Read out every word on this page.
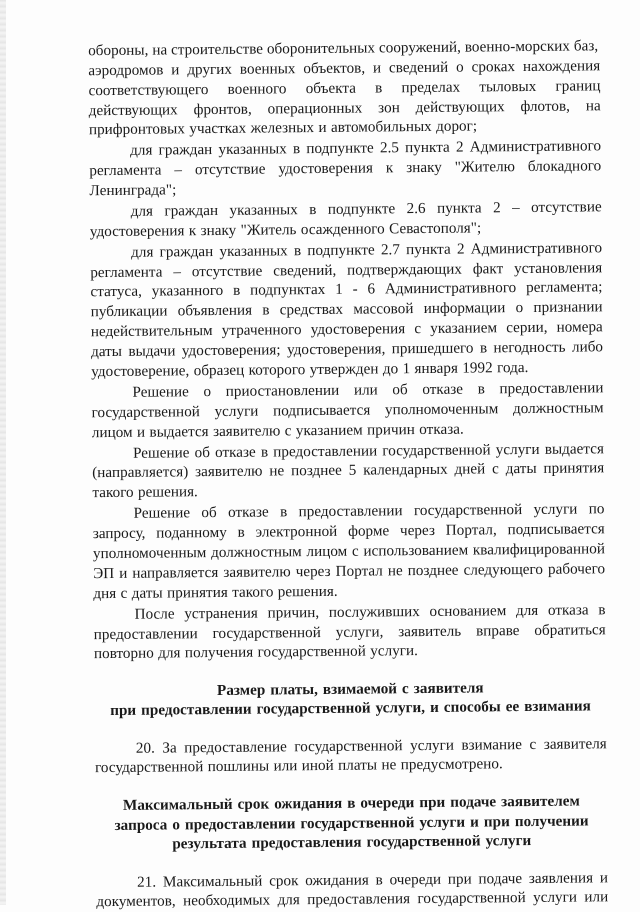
обороны, на строительстве оборонительных сооружений, военно-морских баз,
аэродромов и других военных объектов, и сведений о сроках нахождения
соответствующего военного объекта в пределах тыловых границ
действующих фронтов, операционных зон действующих флотов, на
прифронтовых участках железных и автомобильных дорог;
для граждан указанных в подпункте 2.5 пункта 2 Административного
регламента – отсутствие удостоверения к знаку "Жителю блокадного
Ленинграда";
для граждан указанных в подпункте 2.6 пункта 2 – отсутствие
удостоверения к знаку "Житель осажденного Севастополя";
для граждан указанных в подпункте 2.7 пункта 2 Административного
регламента – отсутствие сведений, подтверждающих факт установления
статуса, указанного в подпунктах 1 - 6 Административного регламента;
публикации объявления в средствах массовой информации о признании
недействительным утраченного удостоверения с указанием серии, номера
даты выдачи удостоверения; удостоверения, пришедшего в негодность либо
удостоверение, образец которого утвержден до 1 января 1992 года.
Решение о приостановлении или об отказе в предоставлении
государственной услуги подписывается уполномоченным должностным
лицом и выдается заявителю с указанием причин отказа.
Решение об отказе в предоставлении государственной услуги выдается
(направляется) заявителю не позднее 5 календарных дней с даты принятия
такого решения.
Решение об отказе в предоставлении государственной услуги по
запросу, поданному в электронной форме через Портал, подписывается
уполномоченным должностным лицом с использованием квалифицированной
ЭП и направляется заявителю через Портал не позднее следующего рабочего
дня с даты принятия такого решения.
После устранения причин, послуживших основанием для отказа в
предоставлении государственной услуги, заявитель вправе обратиться
повторно для получения государственной услуги.
Размер платы, взимаемой с заявителя
при предоставлении государственной услуги, и способы ее взимания
20. За предоставление государственной услуги взимание с заявителя
государственной пошлины или иной платы не предусмотрено.
Максимальный срок ожидания в очереди при подаче заявителем
запроса о предоставлении государственной услуги и при получении
результата предоставления государственной услуги
21. Максимальный срок ожидания в очереди при подаче заявления и
документов, необходимых для предоставления государственной услуги или
